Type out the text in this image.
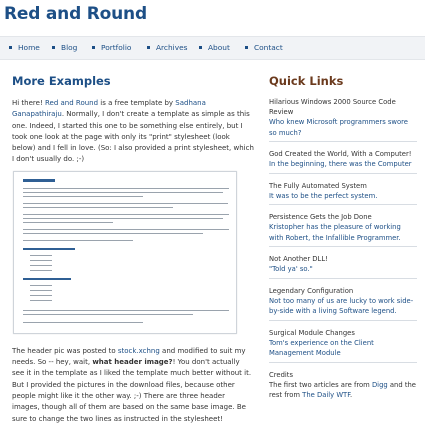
Red and Round
Home	Blog	Portfolio	Archives	About	Contact
More Examples

Hi there! Red and Round is a free template by Sadhana Ganapathiraju. Normally, I don't create a template as simple as this one. Indeed, I started this one to be something else entirely, but I took one look at the page with only its "print" stylesheet (look below) and I fell in love. (So: I also provided a print stylesheet, which I don't usually do. ;-)

The header pic was posted to stock.xchng and modified to suit my needs. So -- hey, wait, what header image?! You don't actually see it in the template as I liked the template much better without it. But I provided the pictures in the download files, because other people might like it the other way. ;-) There are three header images, though all of them are based on the same base image. Be sure to change the two lines as instructed in the stylesheet!

Quick Links
Hilarious Windows 2000 Source Code Review
Who knew Microsoft programmers swore so much?
God Created the World, With a Computer!
In the beginning, there was the Computer
The Fully Automated System
It was to be the perfect system.
Persistence Gets the Job Done
Kristopher has the pleasure of working with Robert, the Infallible Programmer.
Not Another DLL!
"Told ya' so."
Legendary Configuration
Not too many of us are lucky to work side-by-side with a living Software legend.
Surgical Module Changes
Tom's experience on the Client Management Module
Credits
The first two articles are from Digg and the rest from The Daily WTF.
